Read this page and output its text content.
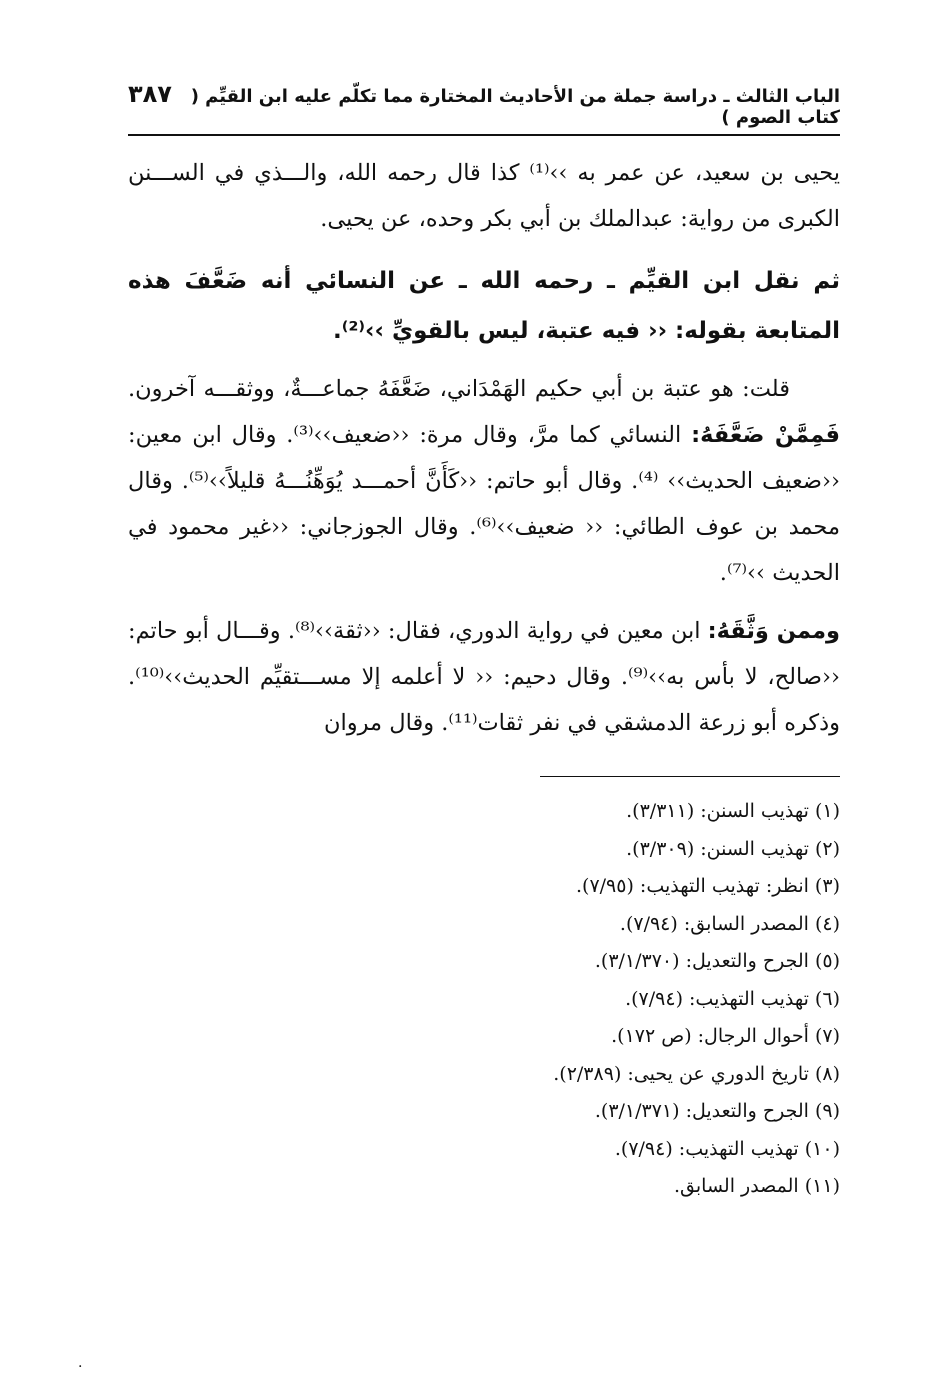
الباب الثالث ـ دراسة جملة من الأحاديث المختارة مما تكلّم عليه ابن القيِّم ( كتاب الصوم )
٣٨٧

يحيى بن سعيد، عن عمر به ››⁽¹⁾ كذا قال رحمه الله، والـــذي في الســـنن الكبرى من رواية: عبدالملك بن أبي بكر وحده، عن يحيى.

ثم نقل ابن القيِّم ـ رحمه الله ـ عن النسائي أنه ضَعَّفَ هذه المتابعة بقوله: ‹‹ فيه عتبة، ليس بالقويِّ ››⁽²⁾.

قلت: هو عتبة بن أبي حكيم الهَمْدَاني، ضَعَّفَهُ جماعـــةٌ، ووثقـــه آخرون. فَمِمَّنْ ضَعَّفَهُ: النسائي كما مرَّ، وقال مرة: ‹‹ضعيف››⁽³⁾. وقال ابن معين: ‹‹ضعيف الحديث›› ⁽⁴⁾. وقال أبو حاتم: ‹‹كَأَنَّ أحمـــد يُوَهِّنُـــهُ قليلاً››⁽⁵⁾. وقال محمد بن عوف الطائي: ‹‹ ضعيف››⁽⁶⁾. وقال الجوزجاني: ‹‹غير محمود في الحديث ››⁽⁷⁾.

وممن وَثَّقَهُ: ابن معين في رواية الدوري، فقال: ‹‹ثقة››⁽⁸⁾. وقـــال أبو حاتم: ‹‹صالح، لا بأس به››⁽⁹⁾. وقال دحيم: ‹‹ لا أعلمه إلا مســـتقيِّم الحديث››⁽¹⁰⁾. وذكره أبو زرعة الدمشقي في نفر ثقات⁽¹¹⁾. وقال مروان

(١) تهذيب السنن: (٣/٣١١).
(٢) تهذيب السنن: (٣/٣٠٩).
(٣) انظر: تهذيب التهذيب: (٧/٩٥).
(٤) المصدر السابق: (٧/٩٤).
(٥) الجرح والتعديل: (٣/١/٣٧٠).
(٦) تهذيب التهذيب: (٧/٩٤).
(٧) أحوال الرجال: (ص ١٧٢).
(٨) تاريخ الدوري عن يحيى: (٢/٣٨٩).
(٩) الجرح والتعديل: (٣/١/٣٧١).
(١٠) تهذيب التهذيب: (٧/٩٤).
(١١) المصدر السابق.
.
